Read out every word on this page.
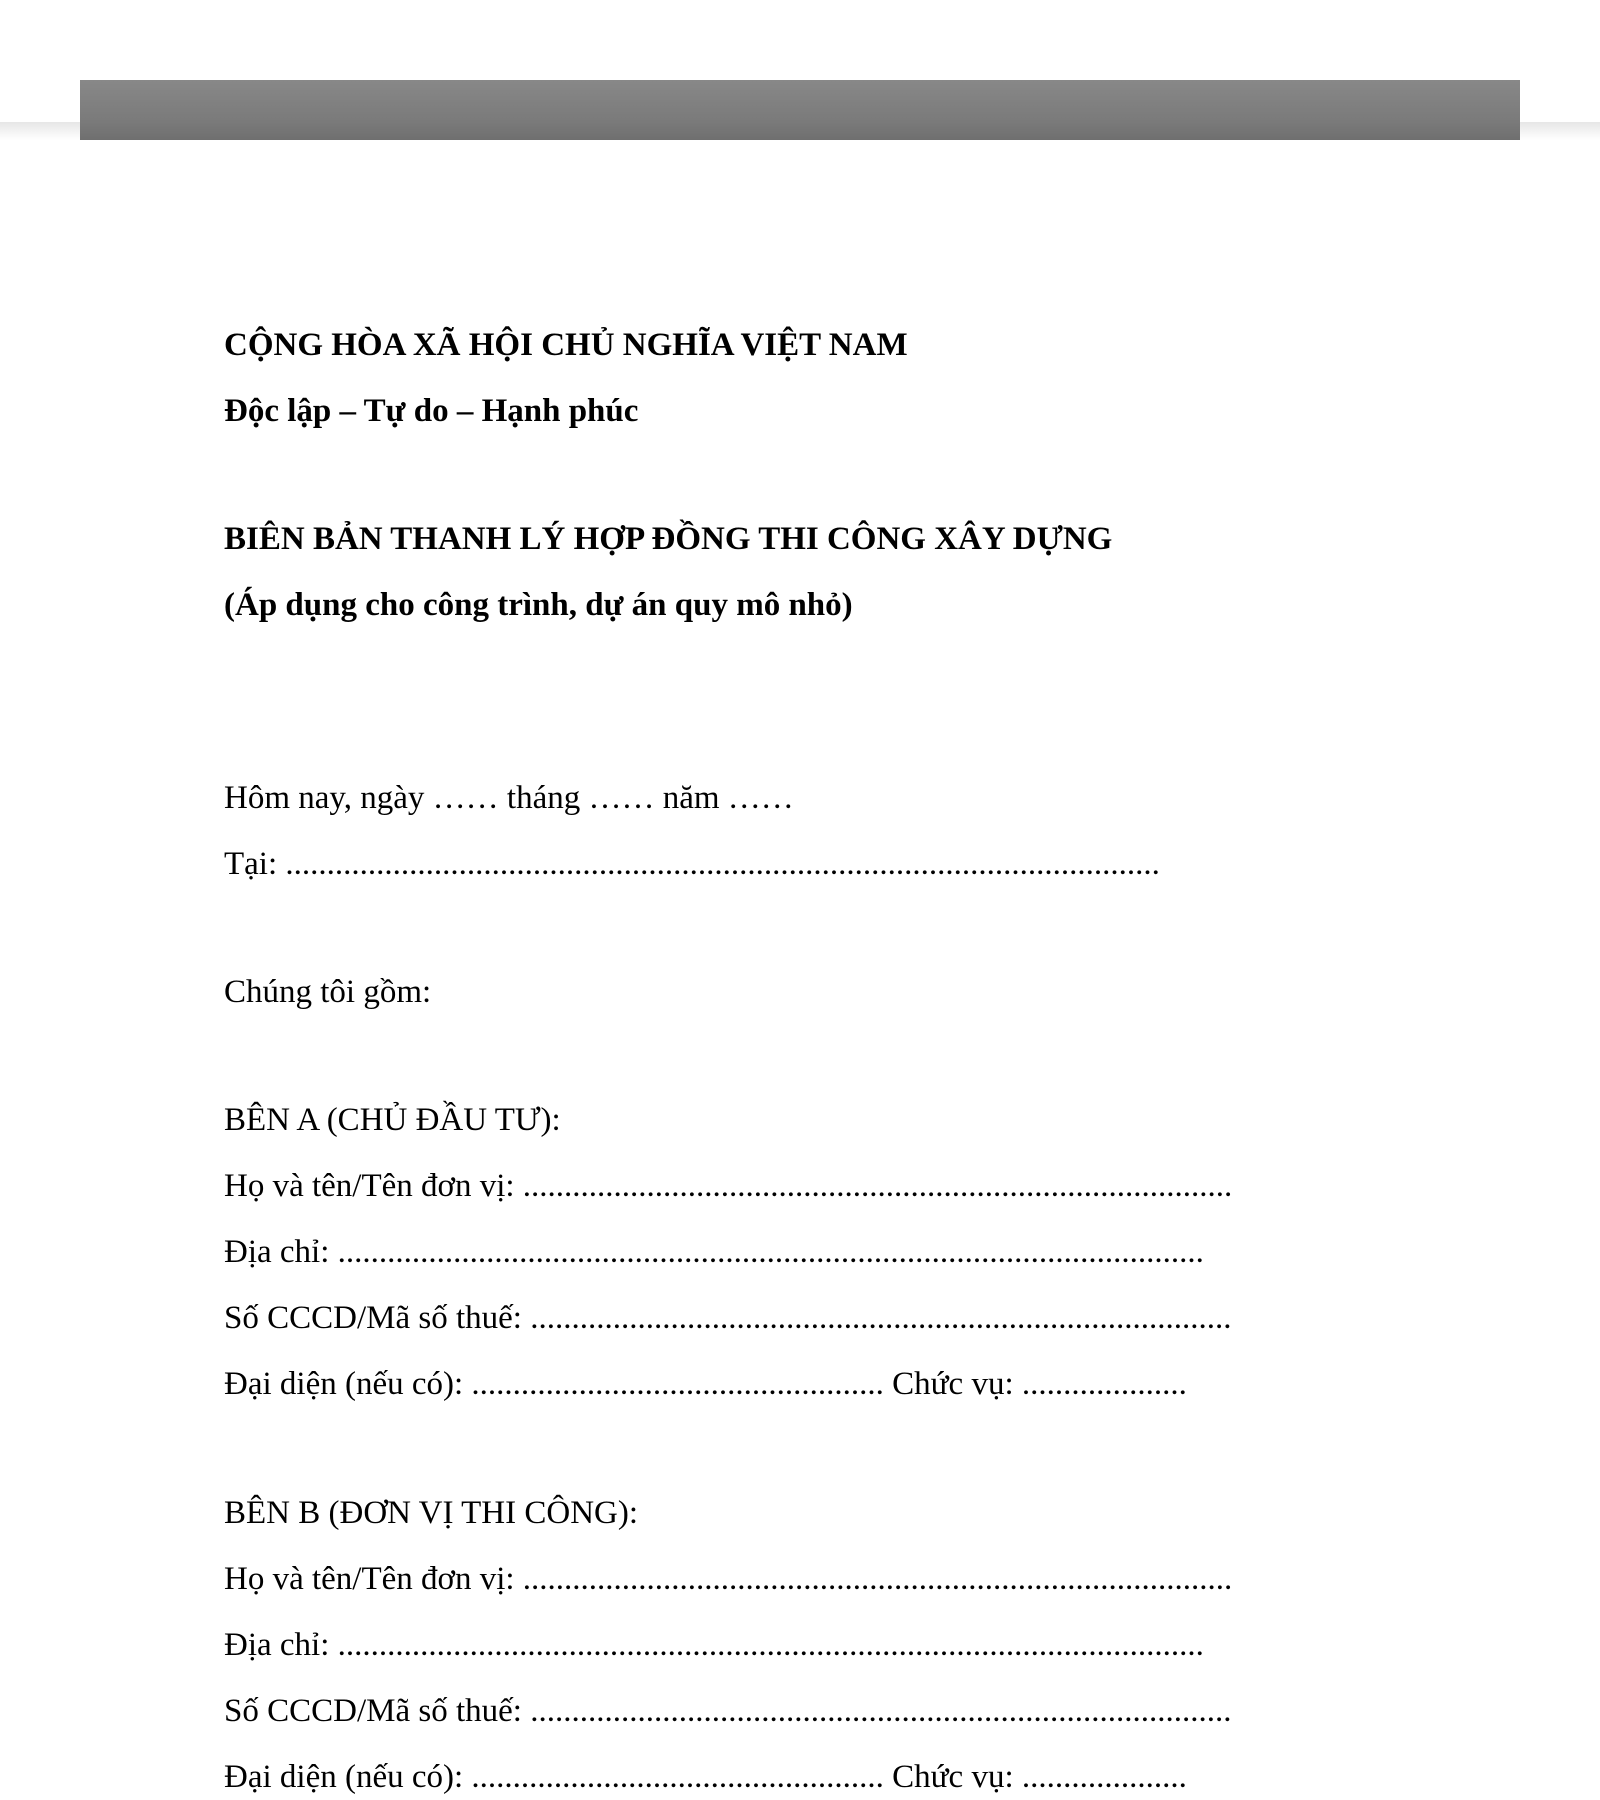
CỘNG HÒA XÃ HỘI CHỦ NGHĨA VIỆT NAM
Độc lập – Tự do – Hạnh phúc
BIÊN BẢN THANH LÝ HỢP ĐỒNG THI CÔNG XÂY DỰNG
(Áp dụng cho công trình, dự án quy mô nhỏ)
Hôm nay, ngày …… tháng …… năm ……
Tại: ..........................................................................................................
Chúng tôi gồm:
BÊN A (CHỦ ĐẦU TƯ):
Họ và tên/Tên đơn vị: ......................................................................................
Địa chỉ: .........................................................................................................
Số CCCD/Mã số thuế: .....................................................................................
Đại diện (nếu có): .................................................. Chức vụ: ....................
BÊN B (ĐƠN VỊ THI CÔNG):
Họ và tên/Tên đơn vị: ......................................................................................
Địa chỉ: .........................................................................................................
Số CCCD/Mã số thuế: .....................................................................................
Đại diện (nếu có): .................................................. Chức vụ: ....................
